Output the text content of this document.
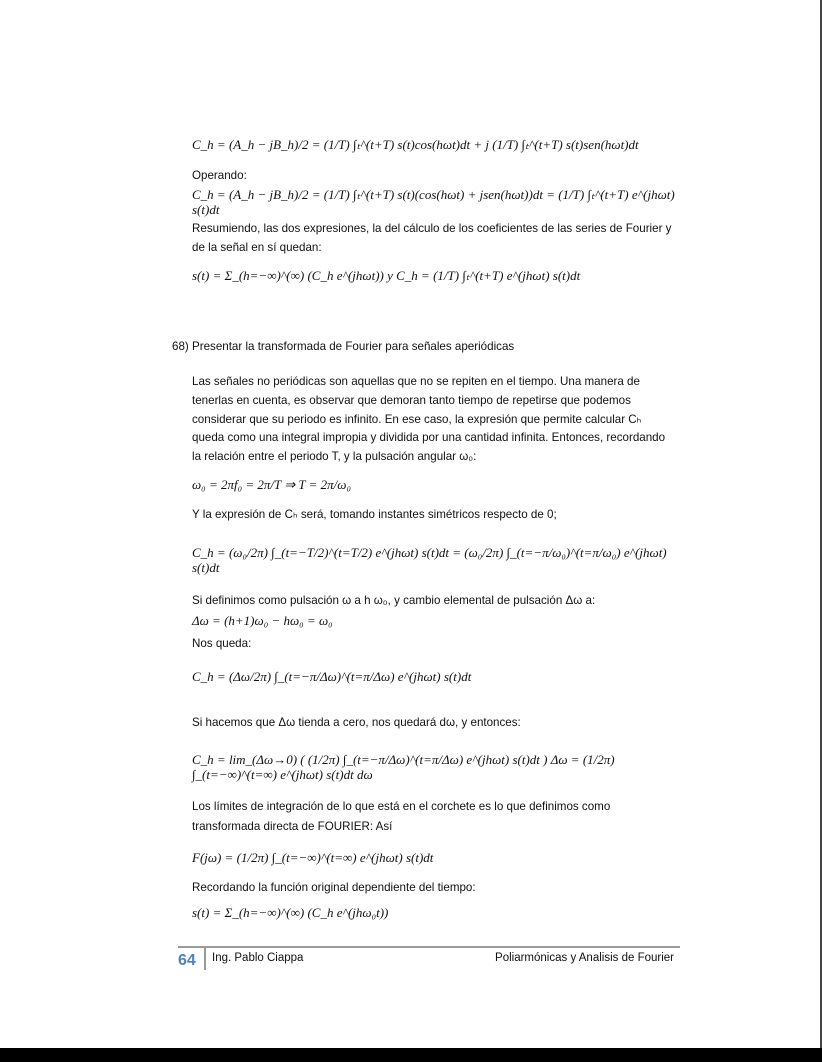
C_h = (A_h − jB_h)/2 = (1/T) ∫ₜ^(t+T) s(t)cos(hωt)dt + j (1/T) ∫ₜ^(t+T) s(t)sen(hωt)dt
Operando:
C_h = (A_h − jB_h)/2 = (1/T) ∫ₜ^(t+T) s(t)(cos(hωt) + jsen(hωt))dt = (1/T) ∫ₜ^(t+T) e^(jhωt) s(t)dt
Resumiendo, las dos expresiones, la del cálculo de los coeficientes de las series de Fourier y
de la señal en sí quedan:
s(t) = Σ_(h=−∞)^(∞) (C_h e^(jhωt)) y C_h = (1/T) ∫ₜ^(t+T) e^(jhωt) s(t)dt
68) Presentar la transformada de Fourier para señales aperiódicas
Las señales no periódicas son aquellas que no se repiten en el tiempo. Una manera de
tenerlas en cuenta, es observar que demoran tanto tiempo de repetirse que podemos
considerar que su periodo es infinito. En ese caso, la expresión que permite calcular Cₕ
queda como una integral impropia y dividida por una cantidad infinita. Entonces, recordando
la relación entre el periodo T, y la pulsación angular ω₀:
ω₀ = 2πf₀ = 2π/T ⇒ T = 2π/ω₀
Y la expresión de Cₕ será, tomando instantes simétricos respecto de 0;
C_h = (ω₀/2π) ∫_(t=−T/2)^(t=T/2) e^(jhωt) s(t)dt = (ω₀/2π) ∫_(t=−π/ω₀)^(t=π/ω₀) e^(jhωt) s(t)dt
Si definimos como pulsación ω a h ω₀, y cambio elemental de pulsación Δω a:
Δω = (h+1)ω₀ − hω₀ = ω₀
Nos queda:
C_h = (Δω/2π) ∫_(t=−π/Δω)^(t=π/Δω) e^(jhωt) s(t)dt
Si hacemos que Δω tienda a cero, nos quedará dω, y entonces:
C_h = lim_(Δω→0) ( (1/2π) ∫_(t=−π/Δω)^(t=π/Δω) e^(jhωt) s(t)dt ) Δω = (1/2π) ∫_(t=−∞)^(t=∞) e^(jhωt) s(t)dt dω
Los límites de integración de lo que está en el corchete es lo que definimos como
transformada directa de FOURIER: Así
F(jω) = (1/2π) ∫_(t=−∞)^(t=∞) e^(jhωt) s(t)dt
Recordando la función original dependiente del tiempo:
s(t) = Σ_(h=−∞)^(∞) (C_h e^(jhω₀t))
64 Ing. Pablo Ciappa	Poliarmónicas y Analisis de Fourier
